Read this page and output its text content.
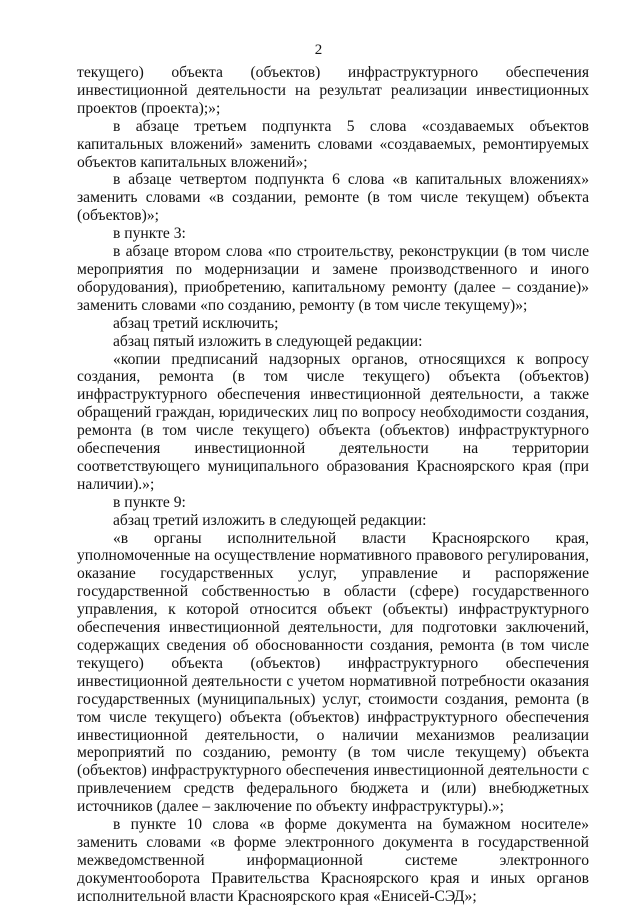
2

текущего) объекта (объектов) инфраструктурного обеспечения инвестиционной деятельности на результат реализации инвестиционных проектов (проекта);»;

в абзаце третьем подпункта 5 слова «создаваемых объектов капитальных вложений» заменить словами «создаваемых, ремонтируемых объектов капитальных вложений»;

в абзаце четвертом подпункта 6 слова «в капитальных вложениях» заменить словами «в создании, ремонте (в том числе текущем) объекта (объектов)»;

в пункте 3:

в абзаце втором слова «по строительству, реконструкции (в том числе мероприятия по модернизации и замене производственного и иного оборудования), приобретению, капитальному ремонту (далее – создание)» заменить словами «по созданию, ремонту (в том числе текущему)»;

абзац третий исключить;

абзац пятый изложить в следующей редакции:

«копии предписаний надзорных органов, относящихся к вопросу создания, ремонта (в том числе текущего) объекта (объектов) инфраструктурного обеспечения инвестиционной деятельности, а также обращений граждан, юридических лиц по вопросу необходимости создания, ремонта (в том числе текущего) объекта (объектов) инфраструктурного обеспечения инвестиционной деятельности на территории соответствующего муниципального образования Красноярского края (при наличии).»;

в пункте 9:

абзац третий изложить в следующей редакции:

«в органы исполнительной власти Красноярского края, уполномоченные на осуществление нормативного правового регулирования, оказание государственных услуг, управление и распоряжение государственной собственностью в области (сфере) государственного управления, к которой относится объект (объекты) инфраструктурного обеспечения инвестиционной деятельности, для подготовки заключений, содержащих сведения об обоснованности создания, ремонта (в том числе текущего) объекта (объектов) инфраструктурного обеспечения инвестиционной деятельности с учетом нормативной потребности оказания государственных (муниципальных) услуг, стоимости создания, ремонта (в том числе текущего) объекта (объектов) инфраструктурного обеспечения инвестиционной деятельности, о наличии механизмов реализации мероприятий по созданию, ремонту (в том числе текущему) объекта (объектов) инфраструктурного обеспечения инвестиционной деятельности с привлечением средств федерального бюджета и (или) внебюджетных источников (далее – заключение по объекту инфраструктуры).»;

в пункте 10 слова «в форме документа на бумажном носителе» заменить словами «в форме электронного документа в государственной межведомственной информационной системе электронного документооборота Правительства Красноярского края и иных органов исполнительной власти Красноярского края «Енисей-СЭД»;
